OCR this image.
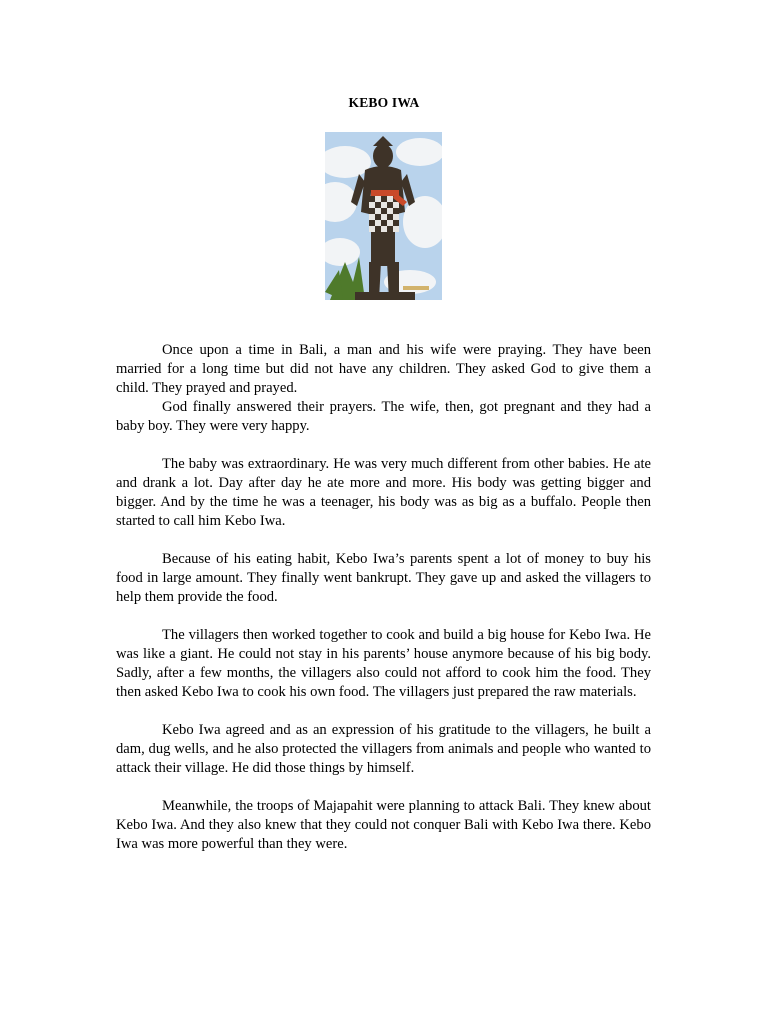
KEBO IWA

Once upon a time in Bali, a man and his wife were praying. They have been married for a long time but did not have any children. They asked God to give them a child. They prayed and prayed.

God finally answered their prayers. The wife, then, got pregnant and they had a baby boy. They were very happy.

The baby was extraordinary. He was very much different from other babies. He ate and drank a lot. Day after day he ate more and more. His body was getting bigger and bigger. And by the time he was a teenager, his body was as big as a buffalo. People then started to call him Kebo Iwa.

Because of his eating habit, Kebo Iwa’s parents spent a lot of money to buy his food in large amount. They finally went bankrupt. They gave up and asked the villagers to help them provide the food.

The villagers then worked together to cook and build a big house for Kebo Iwa. He was like a giant. He could not stay in his parents’ house anymore because of his big body. Sadly, after a few months, the villagers also could not afford to cook him the food. They then asked Kebo Iwa to cook his own food. The villagers just prepared the raw materials.

Kebo Iwa agreed and as an expression of his gratitude to the villagers, he built a dam, dug wells, and he also protected the villagers from animals and people who wanted to attack their village. He did those things by himself.

Meanwhile, the troops of Majapahit were planning to attack Bali. They knew about Kebo Iwa. And they also knew that they could not conquer Bali with Kebo Iwa there. Kebo Iwa was more powerful than they were.
